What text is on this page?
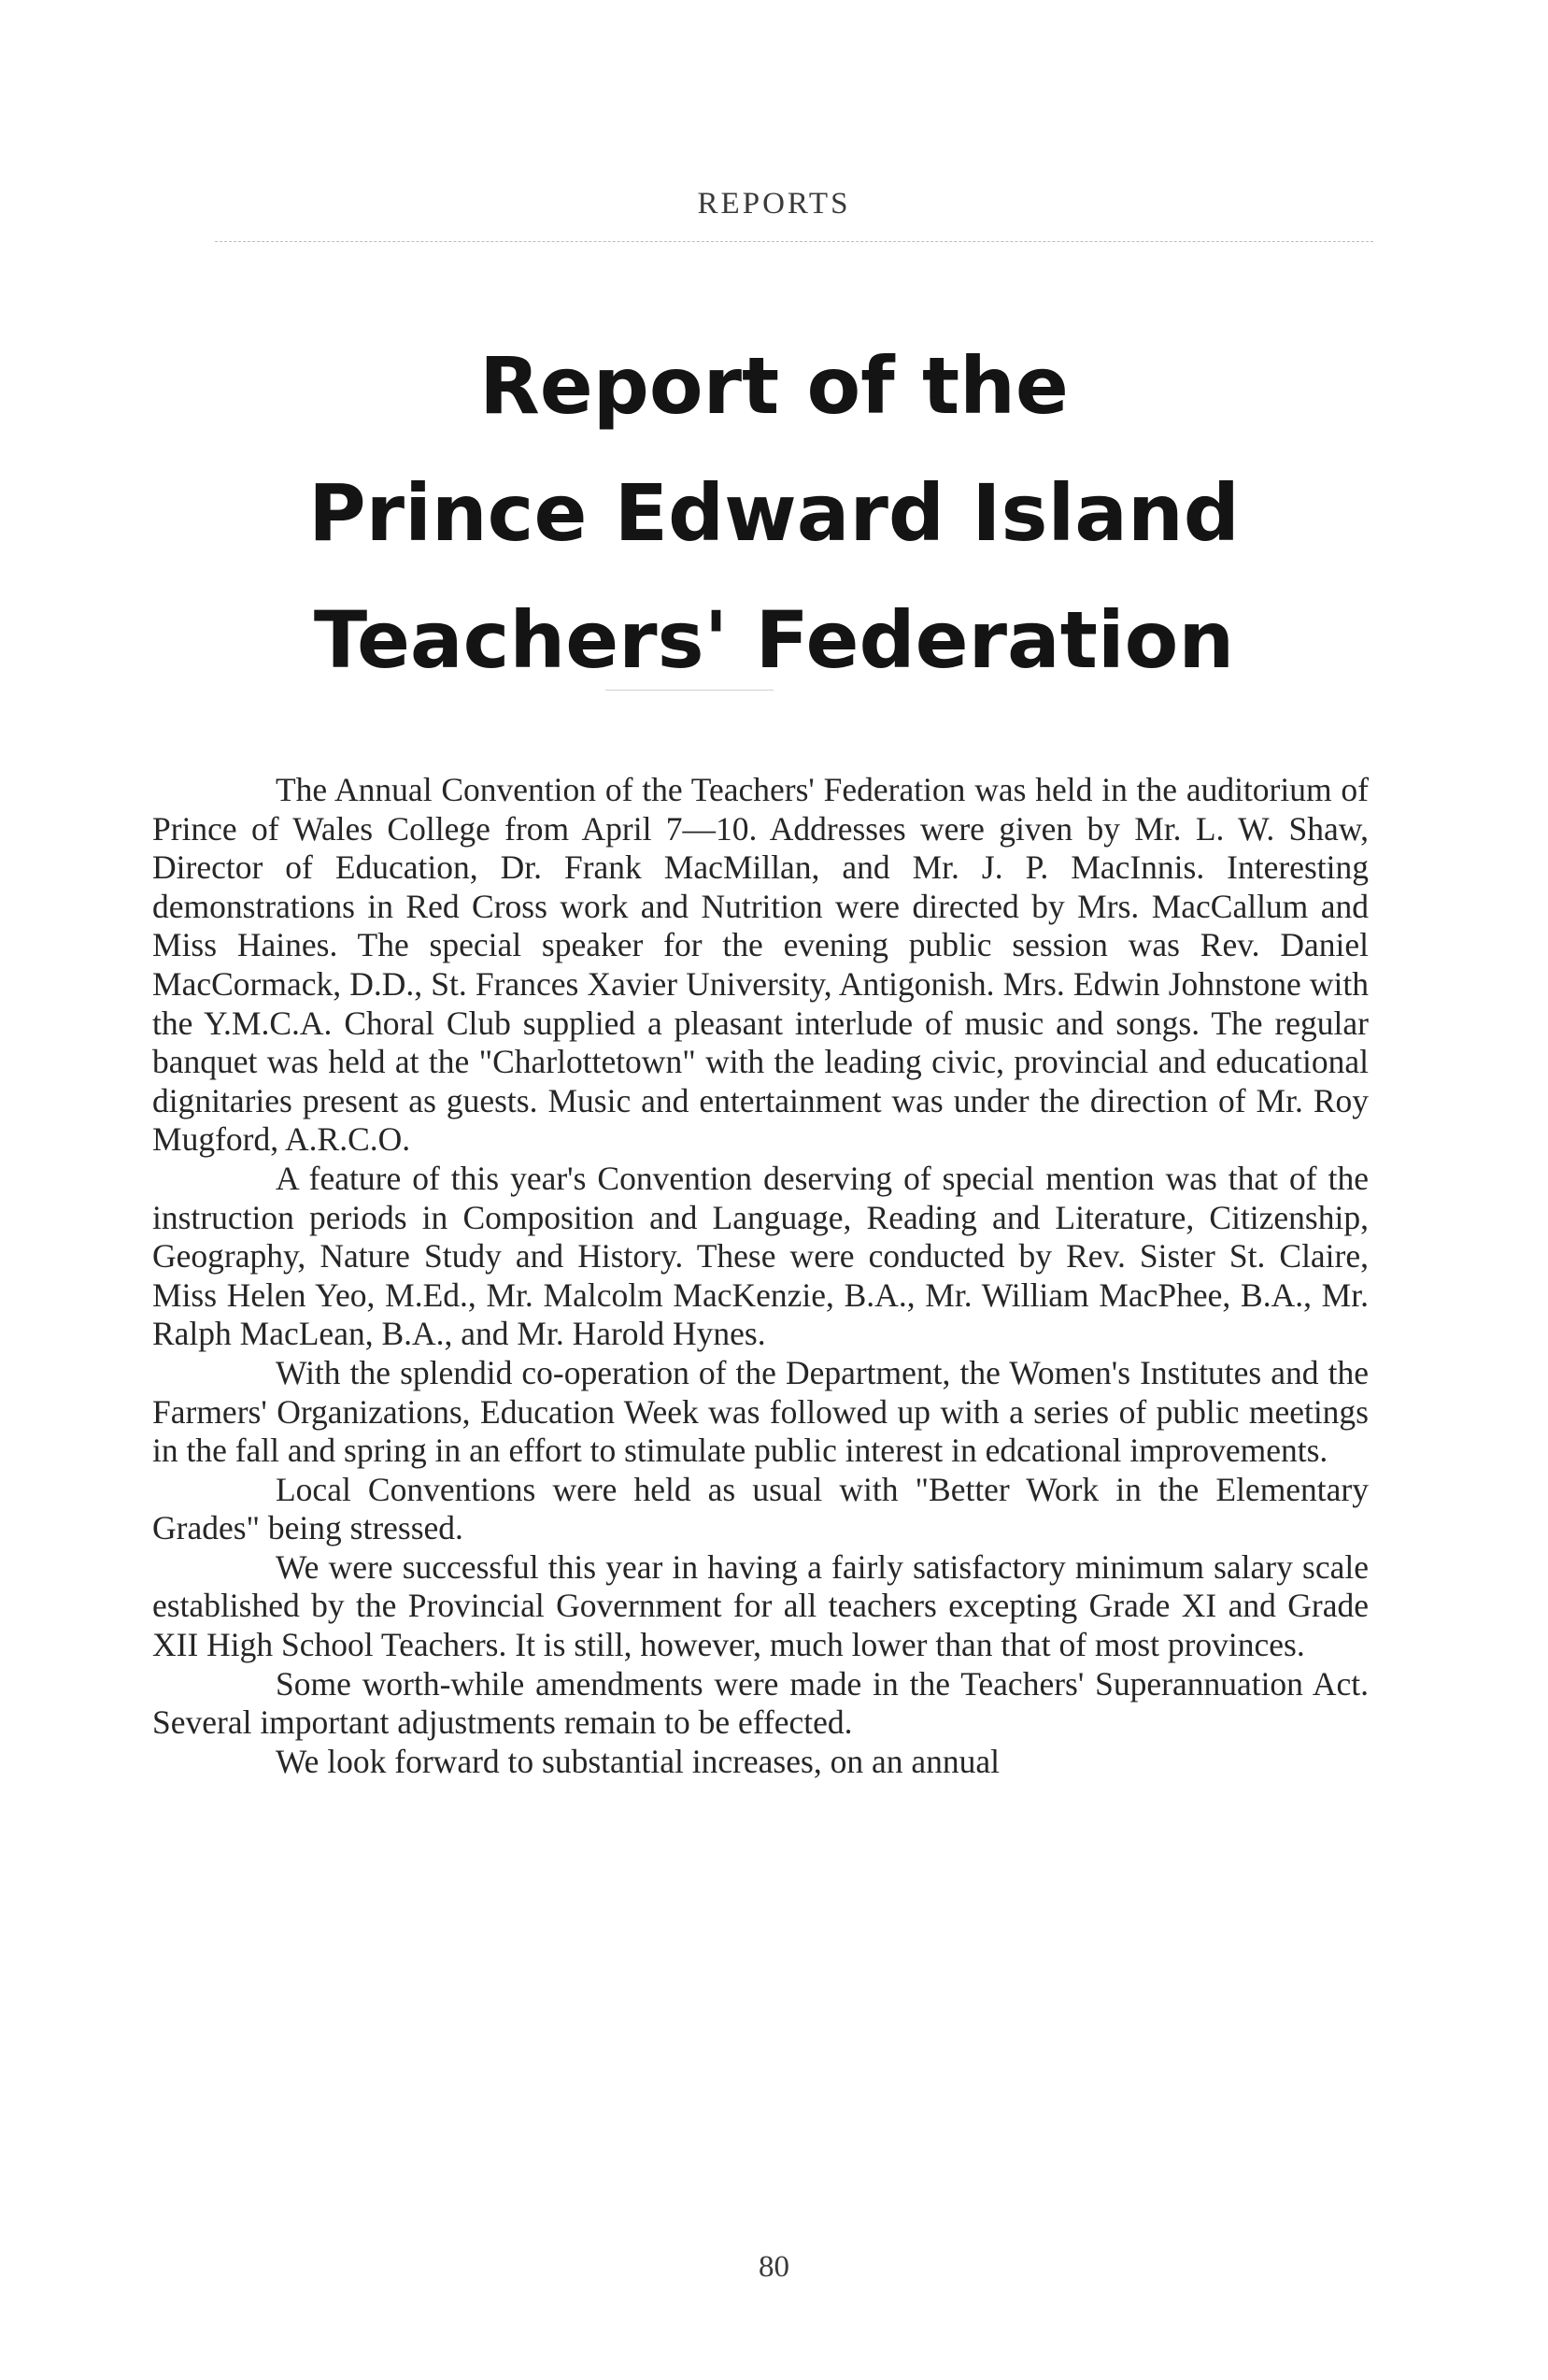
REPORTS
Report of the
Prince Edward Island
Teachers' Federation

The Annual Convention of the Teachers' Federation was held in the auditorium of Prince of Wales College from April 7—10. Addresses were given by Mr. L. W. Shaw, Director of Education, Dr. Frank MacMillan, and Mr. J. P. MacInnis. Interesting demonstrations in Red Cross work and Nutrition were directed by Mrs. MacCallum and Miss Haines. The special speaker for the evening public session was Rev. Daniel MacCormack, D.D., St. Frances Xavier University, Antigonish. Mrs. Edwin Johnstone with the Y.M.C.A. Choral Club supplied a pleasant interlude of music and songs. The regular banquet was held at the "Charlottetown" with the leading civic, provincial and educational dignitaries present as guests. Music and entertainment was under the direction of Mr. Roy Mugford, A.R.C.O.

A feature of this year's Convention deserving of special mention was that of the instruction periods in Composition and Language, Reading and Literature, Citizenship, Geography, Nature Study and History. These were conducted by Rev. Sister St. Claire, Miss Helen Yeo, M.Ed., Mr. Malcolm MacKenzie, B.A., Mr. William MacPhee, B.A., Mr. Ralph MacLean, B.A., and Mr. Harold Hynes.

With the splendid co-operation of the Department, the Women's Institutes and the Farmers' Organizations, Education Week was followed up with a series of public meetings in the fall and spring in an effort to stimulate public interest in edcational improvements.

Local Conventions were held as usual with "Better Work in the Elementary Grades" being stressed.

We were successful this year in having a fairly satisfactory minimum salary scale established by the Provincial Government for all teachers excepting Grade XI and Grade XII High School Teachers. It is still, however, much lower than that of most provinces.

Some worth-while amendments were made in the Teachers' Superannuation Act. Several important adjustments remain to be effected.

We look forward to substantial increases, on an annual

80
